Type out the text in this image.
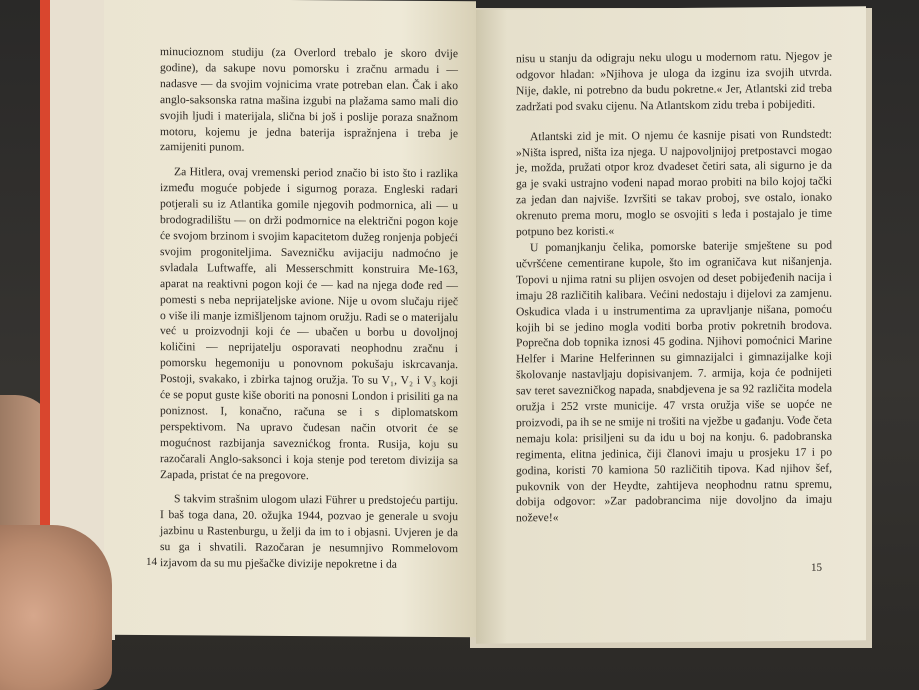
minucioznom studiju (za Overlord trebalo je skoro dvije godine), da sakupe novu pomorsku i zračnu armadu i — nadasve — da svojim vojnicima vrate potreban elan. Čak i ako anglo-saksonska ratna mašina izgubi na plažama samo mali dio svojih ljudi i materijala, slična bi još i poslije poraza snažnom motoru, kojemu je jedna baterija ispražnjena i treba je zamijeniti punom.

Za Hitlera, ovaj vremenski period značio bi isto što i razlika između moguće pobjede i sigurnog poraza. Engleski radari potjerali su iz Atlantika gomile njegovih podmornica, ali — u brodogradilištu — on drži podmornice na električni pogon koje će svojom brzinom i svojim kapacitetom dužeg ronjenja pobjeći svojim progoniteljima. Savezničku avijaciju nadmoćno je svladala Luftwaffe, ali Messerschmitt konstruira Me-163, aparat na reaktivni pogon koji će — kad na njega dođe red — pomesti s neba neprijateljske avione. Nije u ovom slučaju riječ o više ili manje izmišljenom tajnom oružju. Radi se o materijalu već u proizvodnji koji će — ubačen u borbu u dovoljnoj količini — neprijatelju osporavati neophodnu zračnu i pomorsku hegemoniju u ponovnom pokušaju iskrcavanja. Postoji, svakako, i zbirka tajnog oružja. To su V₁, V₂ i V₃ koji će se poput guste kiše oboriti na ponosni London i prisiliti ga na poniznost. I, konačno, računa se i s diplomatskom perspektivom. Na upravo čudesan način otvorit će se mogućnost razbijanja saveznićkog fronta. Rusija, koju su razočarali Anglo-saksonci i koja stenje pod teretom divizija sa Zapada, pristat će na pregovore.

S takvim strašnim ulogom ulazi Führer u predstojeću partiju. I baš toga dana, 20. ožujka 1944, pozvao je generale u svoju jazbinu u Rastenburgu, u želji da im to i objasni. Uvjeren je da su ga i shvatili. Razočaran je nesumnjivo Rommelovom izjavom da su mu pješačke divizije nepokretne i da

14

nisu u stanju da odigraju neku ulogu u modernom ratu. Njegov je odgovor hladan: »Njihova je uloga da izginu iza svojih utvrda. Nije, dakle, ni potrebno da budu pokretne.« Jer, Atlantski zid treba zadržati pod svaku cijenu. Na Atlantskom zidu treba i pobijediti.

Atlantski zid je mit. O njemu će kasnije pisati von Rundstedt: »Ništa ispred, ništa iza njega. U najpovoljnijoj pretpostavci mogao je, možda, pružati otpor kroz dvadeset četiri sata, ali sigurno je da ga je svaki ustrajno vođeni napad morao probiti na bilo kojoj tački za jedan dan najviše. Izvršiti se takav proboj, sve ostalo, ionako okrenuto prema moru, moglo se osvojiti s leđa i postajalo je time potpuno bez koristi.«

U pomanjkanju čelika, pomorske baterije smještene su pod učvršćene cementirane kupole, što im ograničava kut nišanjenja. Topovi u njima ratni su plijen osvojen od deset pobijeđenih nacija i imaju 28 različitih kalibara. Većini nedostaju i dijelovi za zamjenu. Oskudica vlada i u instrumentima za upravljanje nišana, pomoću kojih bi se jedino mogla voditi borba protiv pokretnih brodova. Poprečna dob topnika iznosi 45 godina. Njihovi pomoćnici Marine Helfer i Marine Helferinnen su gimnazijalci i gimnazijalke koji školovanje nastavljaju dopisivanjem. 7. armija, koja će podnijeti sav teret savezničkog napada, snabdjevena je sa 92 različita modela oružja i 252 vrste municije. 47 vrsta oružja više se uopće ne proizvodi, pa ih se ne smije ni trošiti na vježbe u gađanju. Vođe četa nemaju kola: prisiljeni su da idu u boj na konju. 6. padobranska regimenta, elitna jedinica, čiji članovi imaju u prosjeku 17 i po godina, koristi 70 kamiona 50 različitih tipova. Kad njihov šef, pukovnik von der Heydte, zahtijeva neophodnu ratnu spremu, dobija odgovor: »Zar padobrancima nije dovoljno da imaju noževe!«

15
